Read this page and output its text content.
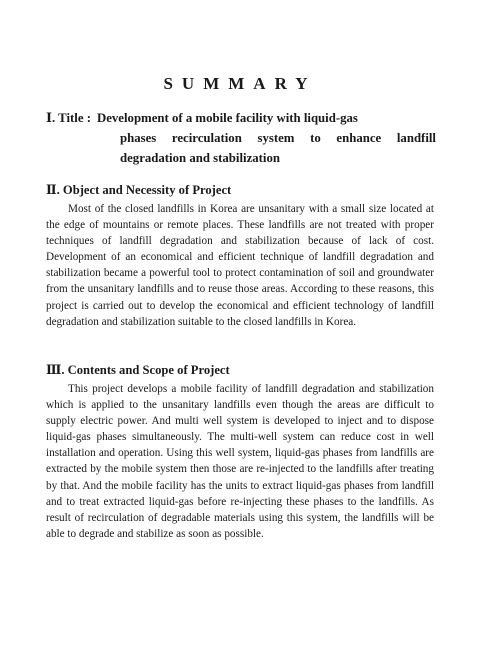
SUMMARY
Ⅰ. Title : Development of a mobile facility with liquid-gas
phases recirculation system to enhance landfill
degradation and stabilization
Ⅱ. Object and Necessity of Project

Most of the closed landfills in Korea are unsanitary with a small size located at the edge of mountains or remote places. These landfills are not treated with proper techniques of landfill degradation and stabilization because of lack of cost. Development of an economical and efficient technique of landfill degradation and stabilization became a powerful tool to protect contamination of soil and groundwater from the unsanitary landfills and to reuse those areas. According to these reasons, this project is carried out to develop the economical and efficient technology of landfill degradation and stabilization suitable to the closed landfills in Korea.

Ⅲ. Contents and Scope of Project

This project develops a mobile facility of landfill degradation and stabilization which is applied to the unsanitary landfills even though the areas are difficult to supply electric power. And multi well system is developed to inject and to dispose liquid-gas phases simultaneously. The multi-well system can reduce cost in well installation and operation. Using this well system, liquid-gas phases from landfills are extracted by the mobile system then those are re-injected to the landfills after treating by that. And the mobile facility has the units to extract liquid-gas phases from landfill and to treat extracted liquid-gas before re-injecting these phases to the landfills. As result of recirculation of degradable materials using this system, the landfills will be able to degrade and stabilize as soon as possible.
